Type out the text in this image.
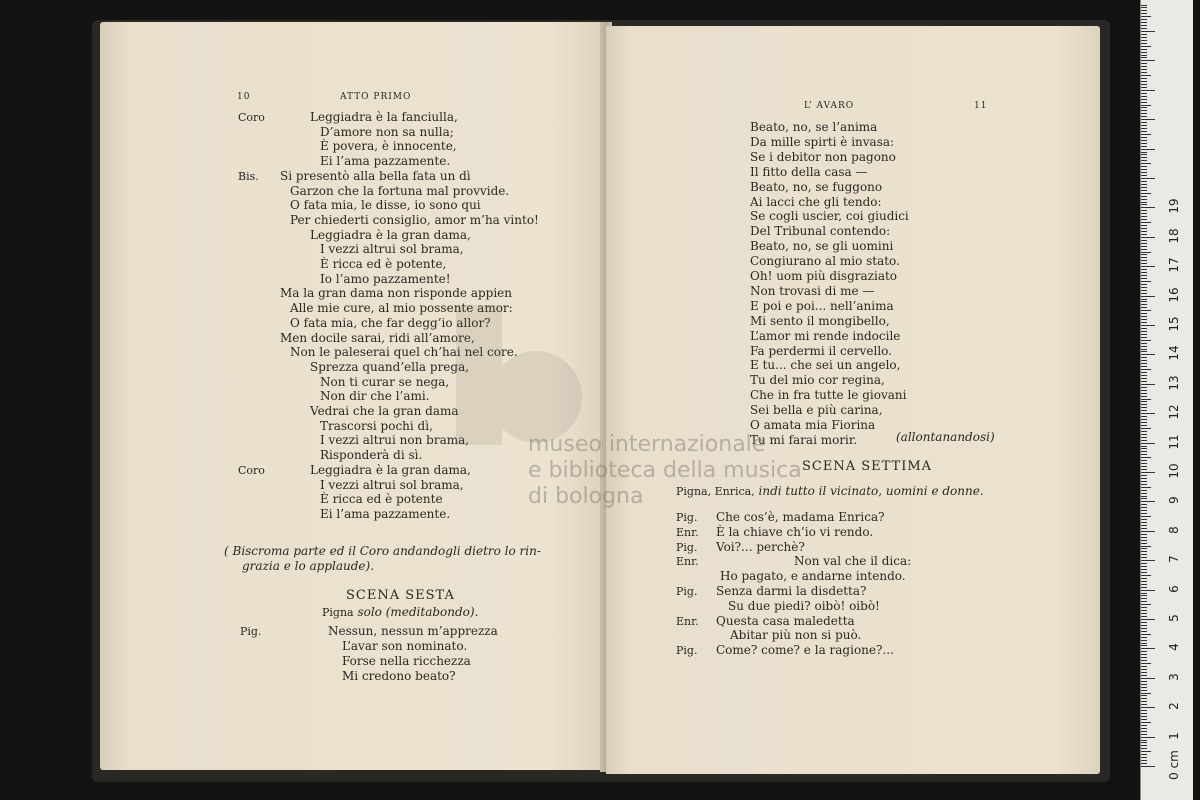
10	ATTO PRIMO
Coro	Leggiadra è la fanciulla,
D’amore non sa nulla;
È povera, è innocente,
Ei l’ama pazzamente.
Bis. Si presentò alla bella fata un dì
Garzon che la fortuna mal provvide.
O fata mia, le disse, io sono qui
Per chiederti consiglio, amor m’ha vinto!
Leggiadra è la gran dama,
I vezzi altrui sol brama,
È ricca ed è potente,
Io l’amo pazzamente!
Ma la gran dama non risponde appien
Alle mie cure, al mio possente amor:
O fata mia, che far degg’io allor?
Men docile sarai, ridi all’amore,
Non le paleserai quel ch’hai nel core.
Sprezza quand’ella prega,
Non ti curar se nega,
Non dir che l’ami.
Vedrai che la gran dama
Trascorsi pochi dì,
I vezzi altrui non brama,
Risponderà di sì.
Coro	Leggiadra è la gran dama,
I vezzi altrui sol brama,
È ricca ed è potente
Ei l’ama pazzamente.
( Biscroma parte ed il Coro andandogli dietro lo rin-
grazia e lo applaude).
SCENA SESTA
Pigna solo (meditabondo).
Pig.	Nessun, nessun m’apprezza
L’avar son nominato.
Forse nella ricchezza
Mi credono beato?
L’ AVARO	11
Beato, no, se l’anima
Da mille spirti è invasa:
Se i debitor non pagono
Il fitto della casa —
Beato, no, se fuggono
Ai lacci che gli tendo:
Se cogli uscier, coi giudici
Del Tribunal contendo:
Beato, no, se gli uomini
Congiurano al mio stato.
Oh! uom più disgraziato
Non trovasi di me —
E poi e poi... nell’anima
Mi sento il mongibello,
L’amor mi rende indocile
Fa perdermi il cervello.
E tu... che sei un angelo,
Tu del mio cor regina,
Che in fra tutte le giovani
Sei bella e più carina,
O amata mia Fiorina
Tu mi farai morir.	(allontanandosi)
SCENA SETTIMA
Pigna, Enrica, indi tutto il vicinato, uomini e donne.
Pig. Che cos’è, madama Enrica?
Enr. È la chiave ch’io vi rendo.
Pig. Voi?... perchè?
Enr.	Non val che il dica:
Ho pagato, e andarne intendo.
Pig. Senza darmi la disdetta?
Su due piedi? oibò! oibò!
Enr. Questa casa maledetta
Abitar più non si può.
Pig. Come? come? e la ragione?...
museo internazionale
e biblioteca della musica
di bologna
1
2
3
4
5
6
7
8
9
10
11
12
13
14
15
16
17
18
19
0 cm
